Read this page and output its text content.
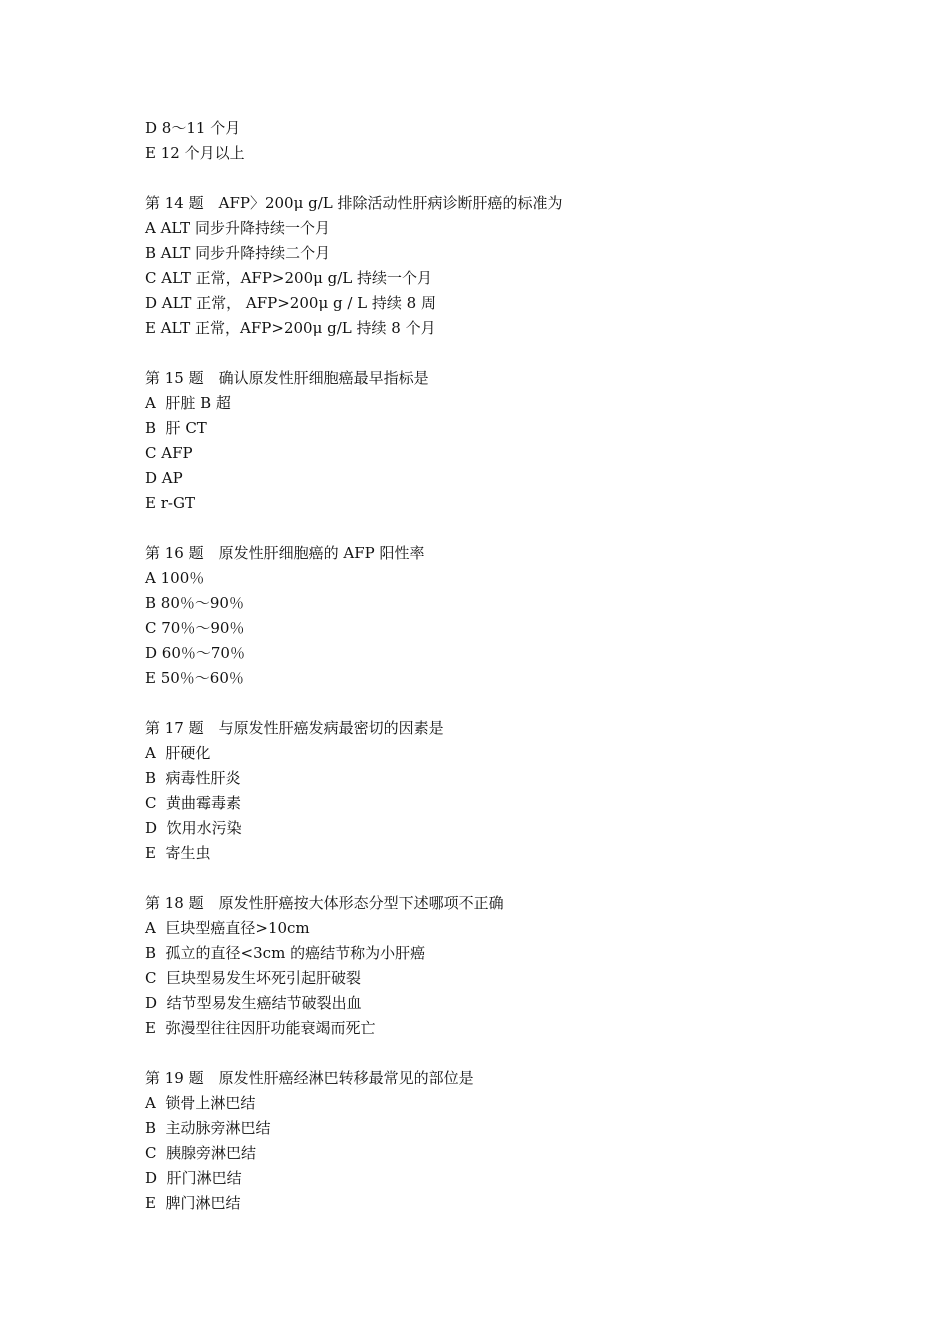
D 8～11 个月
E 12 个月以上
第 14 题　AFP〉200μ g/L 排除活动性肝病诊断肝癌的标准为
A ALT 同步升降持续一个月
B ALT 同步升降持续二个月
C ALT 正常，AFP>200μ g/L 持续一个月
D ALT 正常， AFP>200μ g / L 持续 8 周
E ALT 正常，AFP>200μ g/L 持续 8 个月
第 15 题　确认原发性肝细胞癌最早指标是
A  肝脏 B 超
B  肝 CT
C AFP
D AP
E r-GT
第 16 题　原发性肝细胞癌的 AFP 阳性率
A 100％
B 80％～90％
C 70％～90％
D 60％～70％
E 50％～60％
第 17 题　与原发性肝癌发病最密切的因素是
A  肝硬化
B  病毒性肝炎
C  黄曲霉毒素
D  饮用水污染
E  寄生虫
第 18 题　原发性肝癌按大体形态分型下述哪项不正确
A  巨块型癌直径>10cm
B  孤立的直径<3cm 的癌结节称为小肝癌
C  巨块型易发生坏死引起肝破裂
D  结节型易发生癌结节破裂出血
E  弥漫型往往因肝功能衰竭而死亡
第 19 题　原发性肝癌经淋巴转移最常见的部位是
A  锁骨上淋巴结
B  主动脉旁淋巴结
C  胰腺旁淋巴结
D  肝门淋巴结
E  脾门淋巴结
